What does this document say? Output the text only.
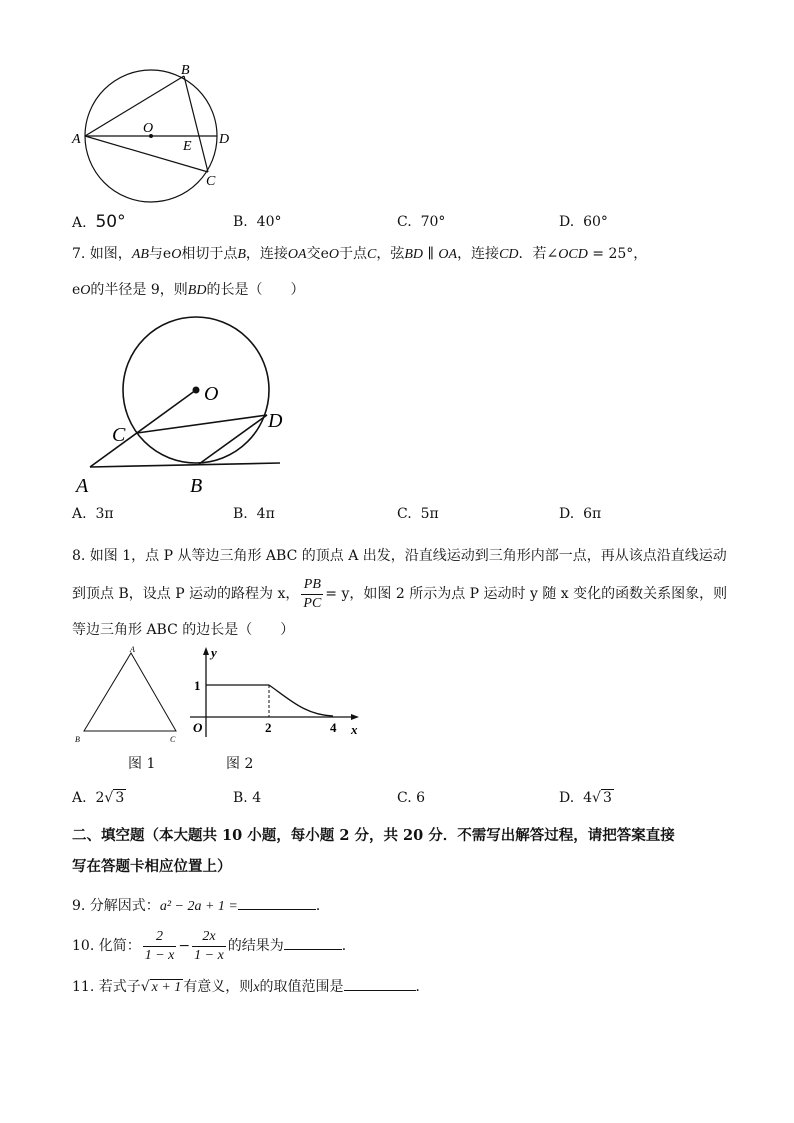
A
B
O
D
E
C
A. 50°	B. 40°	C. 70°	D. 60°
7. 如图，AB与eO相切于点B，连接OA交eO于点C，弦BD ∥ OA，连接CD．若∠OCD = 25°，
eO的半径是 9，则BD的长是（　　）
O
C
D
A	B
A. 3π	B. 4π	C. 5π	D. 6π
8. 如图 1，点 P 从等边三角形 ABC 的顶点 A 出发，沿直线运动到三角形内部一点，再从该点沿直线运动
到顶点 B，设点 P 运动的路程为 x， $\frac{PB}{PC} = y$，如图 2 所示为点 P 运动时 y 随 x 变化的函数关系图象，则
等边三角形 ABC 的边长是（　　）
A
B	C
y
x
1
O	2	4
图 1	图 2
A. 2√ 3	B. 4	C. 6	D. 4√ 3
二、填空题（本大题共 10 小题，每小题 2 分，共 20 分．不需写出解答过程，请把答案直接
写在答题卡相应位置上）
9. 分解因式：a² − 2a + 1 =	．
10. 化简： $\frac{2}{1 - x} - \frac{2x}{1 - x}$ 的结果为	．
11. 若式子√ x + 1 有意义，则x的取值范围是	．
